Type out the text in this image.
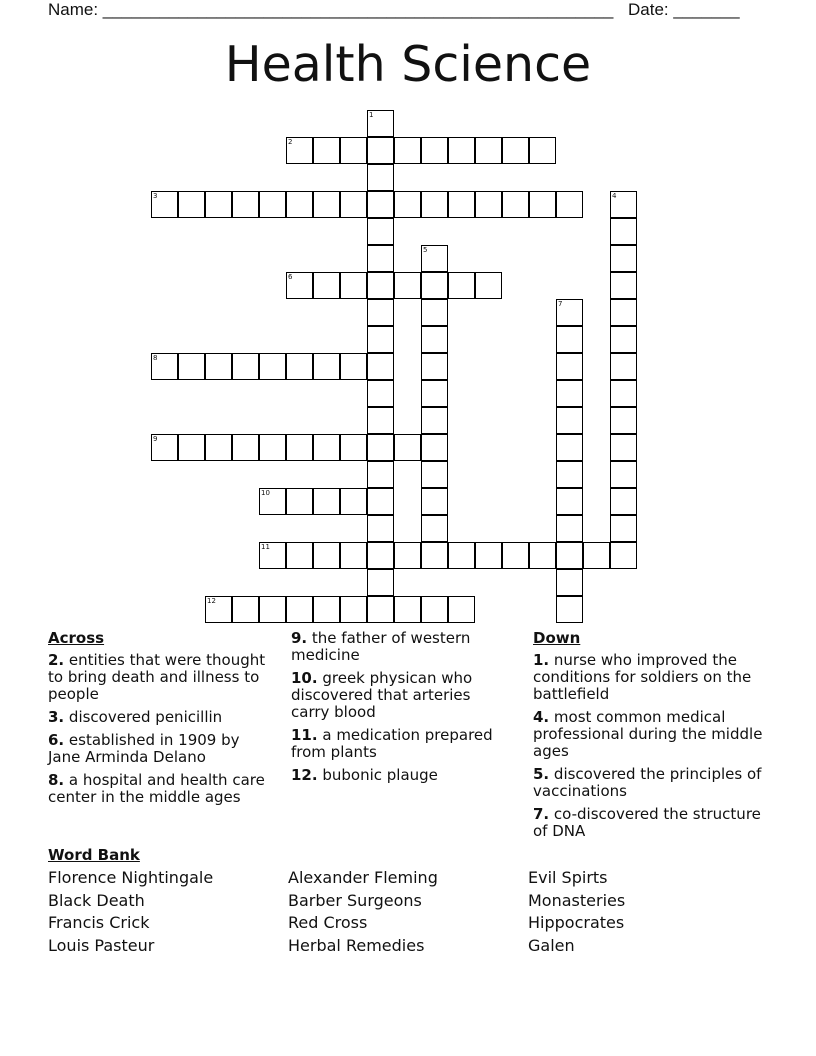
Name: ______________________________________________________ Date: _______
Health Science
1
2
3	4
5
6
7
8
9
10
11
12
Across
2. entities that were thought to bring death and illness to people
3. discovered penicillin
6. established in 1909 by Jane Arminda Delano
8. a hospital and health care center in the middle ages
9. the father of western medicine
10. greek physican who discovered that arteries carry blood
11. a medication prepared from plants
12. bubonic plauge
Down
1. nurse who improved the conditions for soldiers on the battlefield
4. most common medical professional during the middle ages
5. discovered the principles of vaccinations
7. co-discovered the structure of DNA
Word Bank
Florence Nightingale	Alexander Fleming	Evil Spirts
Black Death	Barber Surgeons	Monasteries
Francis Crick	Red Cross	Hippocrates
Louis Pasteur	Herbal Remedies	Galen
